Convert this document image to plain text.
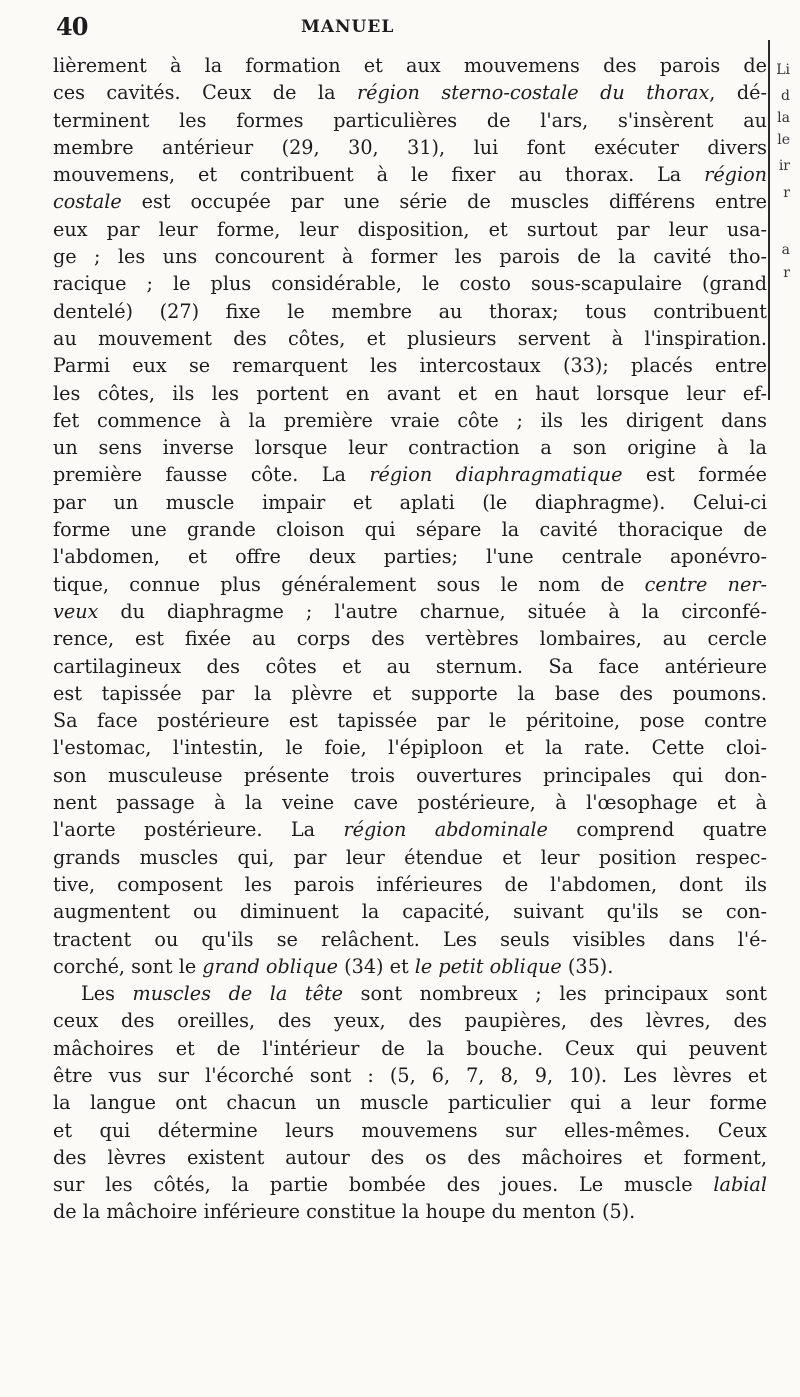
40	MANUEL
Li
d
la
le
ir
r
a
r
lièrement à la formation et aux mouvemens des parois de
ces cavités. Ceux de la région sterno-costale du thorax, dé-
terminent les formes particulières de l'ars, s'insèrent au
membre antérieur (29, 30, 31), lui font exécuter divers
mouvemens, et contribuent à le fixer au thorax. La région
costale est occupée par une série de muscles différens entre
eux par leur forme, leur disposition, et surtout par leur usa-
ge ; les uns concourent à former les parois de la cavité tho-
racique ; le plus considérable, le costo sous-scapulaire (grand
dentelé) (27) fixe le membre au thorax; tous contribuent
au mouvement des côtes, et plusieurs servent à l'inspiration.
Parmi eux se remarquent les intercostaux (33); placés entre
les côtes, ils les portent en avant et en haut lorsque leur ef-
fet commence à la première vraie côte ; ils les dirigent dans
un sens inverse lorsque leur contraction a son origine à la
première fausse côte. La région diaphragmatique est formée
par un muscle impair et aplati (le diaphragme). Celui-ci
forme une grande cloison qui sépare la cavité thoracique de
l'abdomen, et offre deux parties; l'une centrale aponévro-
tique, connue plus généralement sous le nom de centre ner-
veux du diaphragme ; l'autre charnue, située à la circonfé-
rence, est fixée au corps des vertèbres lombaires, au cercle
cartilagineux des côtes et au sternum. Sa face antérieure
est tapissée par la plèvre et supporte la base des poumons.
Sa face postérieure est tapissée par le péritoine, pose contre
l'estomac, l'intestin, le foie, l'épiploon et la rate. Cette cloi-
son musculeuse présente trois ouvertures principales qui don-
nent passage à la veine cave postérieure, à l'œsophage et à
l'aorte postérieure. La région abdominale comprend quatre
grands muscles qui, par leur étendue et leur position respec-
tive, composent les parois inférieures de l'abdomen, dont ils
augmentent ou diminuent la capacité, suivant qu'ils se con-
tractent ou qu'ils se relâchent. Les seuls visibles dans l'é-
corché, sont le grand oblique (34) et le petit oblique (35).
Les muscles de la tête sont nombreux ; les principaux sont
ceux des oreilles, des yeux, des paupières, des lèvres, des
mâchoires et de l'intérieur de la bouche. Ceux qui peuvent
être vus sur l'écorché sont : (5, 6, 7, 8, 9, 10). Les lèvres et
la langue ont chacun un muscle particulier qui a leur forme
et qui détermine leurs mouvemens sur elles-mêmes. Ceux
des lèvres existent autour des os des mâchoires et forment,
sur les côtés, la partie bombée des joues. Le muscle labial
de la mâchoire inférieure constitue la houpe du menton (5).
